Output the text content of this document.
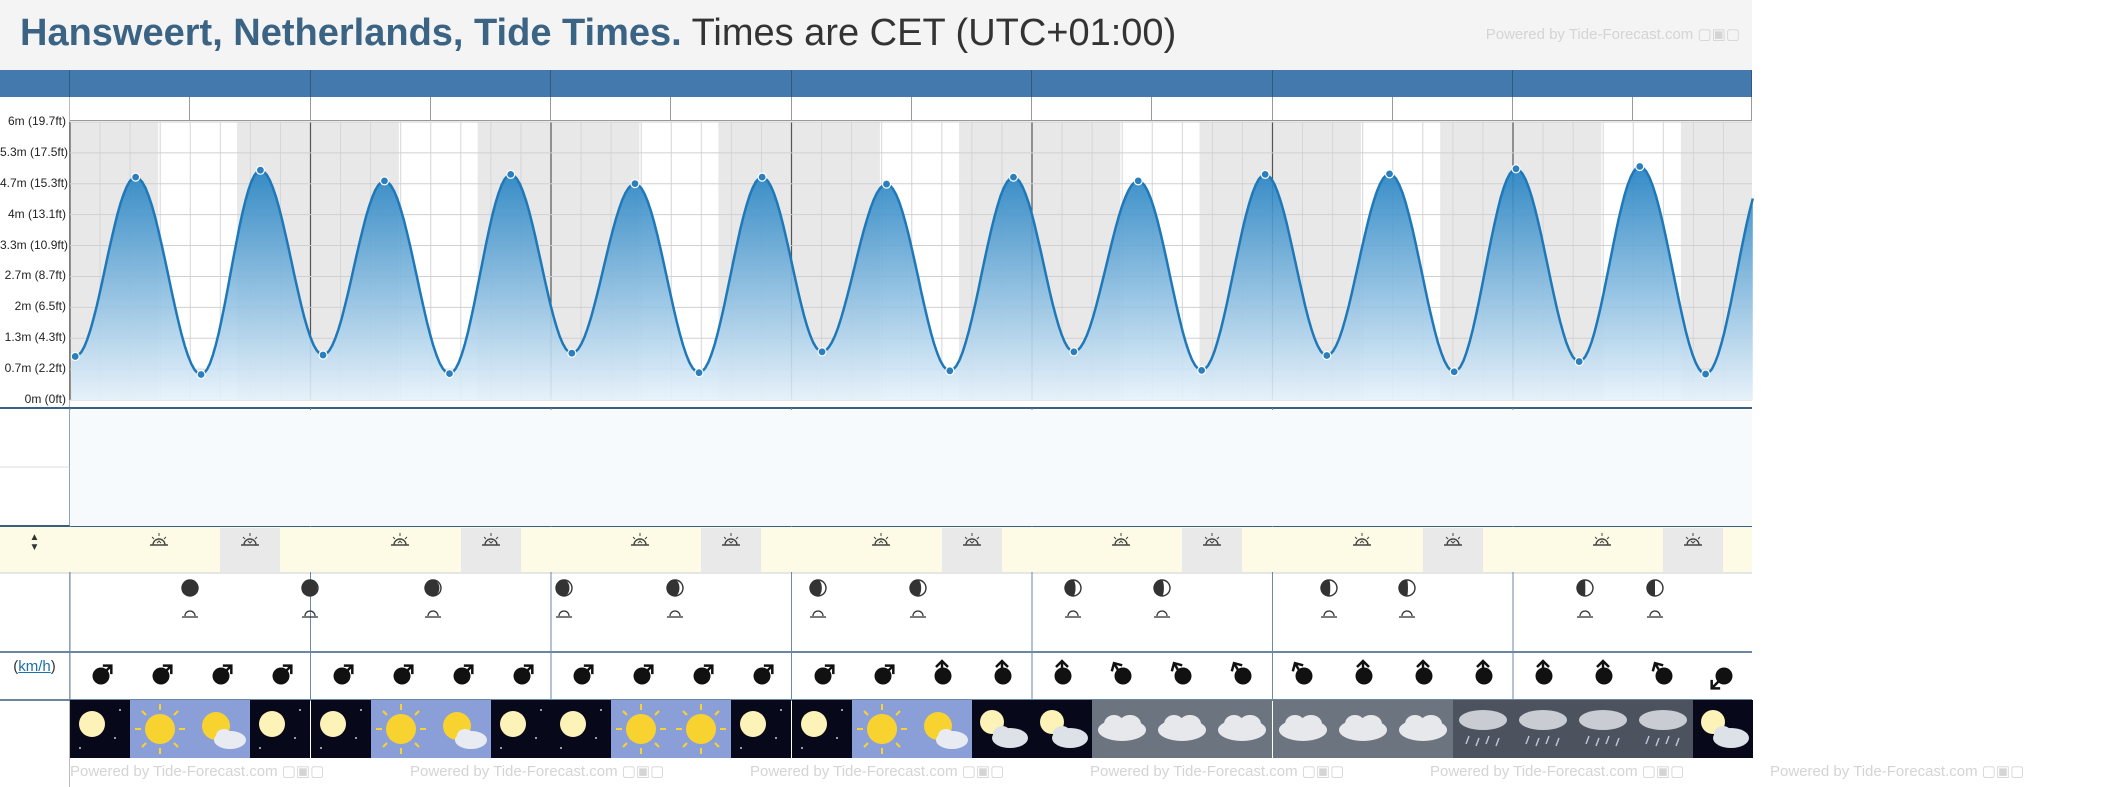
Hansweert, Netherlands, Tide Times. Times are CET (UTC+01:00)	Powered by Tide-Forecast.com ▢▣▢
0m (0ft)
0.7m (2.2ft)
1.3m (4.3ft)
2m (6.5ft)
2.7m (8.7ft)
3.3m (10.9ft)
4m (13.1ft)
4.7m (15.3ft)
5.3m (17.5ft)
6m (19.7ft)
▲
▼
(km/h)
Powered by Tide-Forecast.com ▢▣▢	Powered by Tide-Forecast.com ▢▣▢	Powered by Tide-Forecast.com ▢▣▢	Powered by Tide-Forecast.com ▢▣▢	Powered by Tide-Forecast.com ▢▣▢	Powered by Tide-Forecast.com ▢▣▢
